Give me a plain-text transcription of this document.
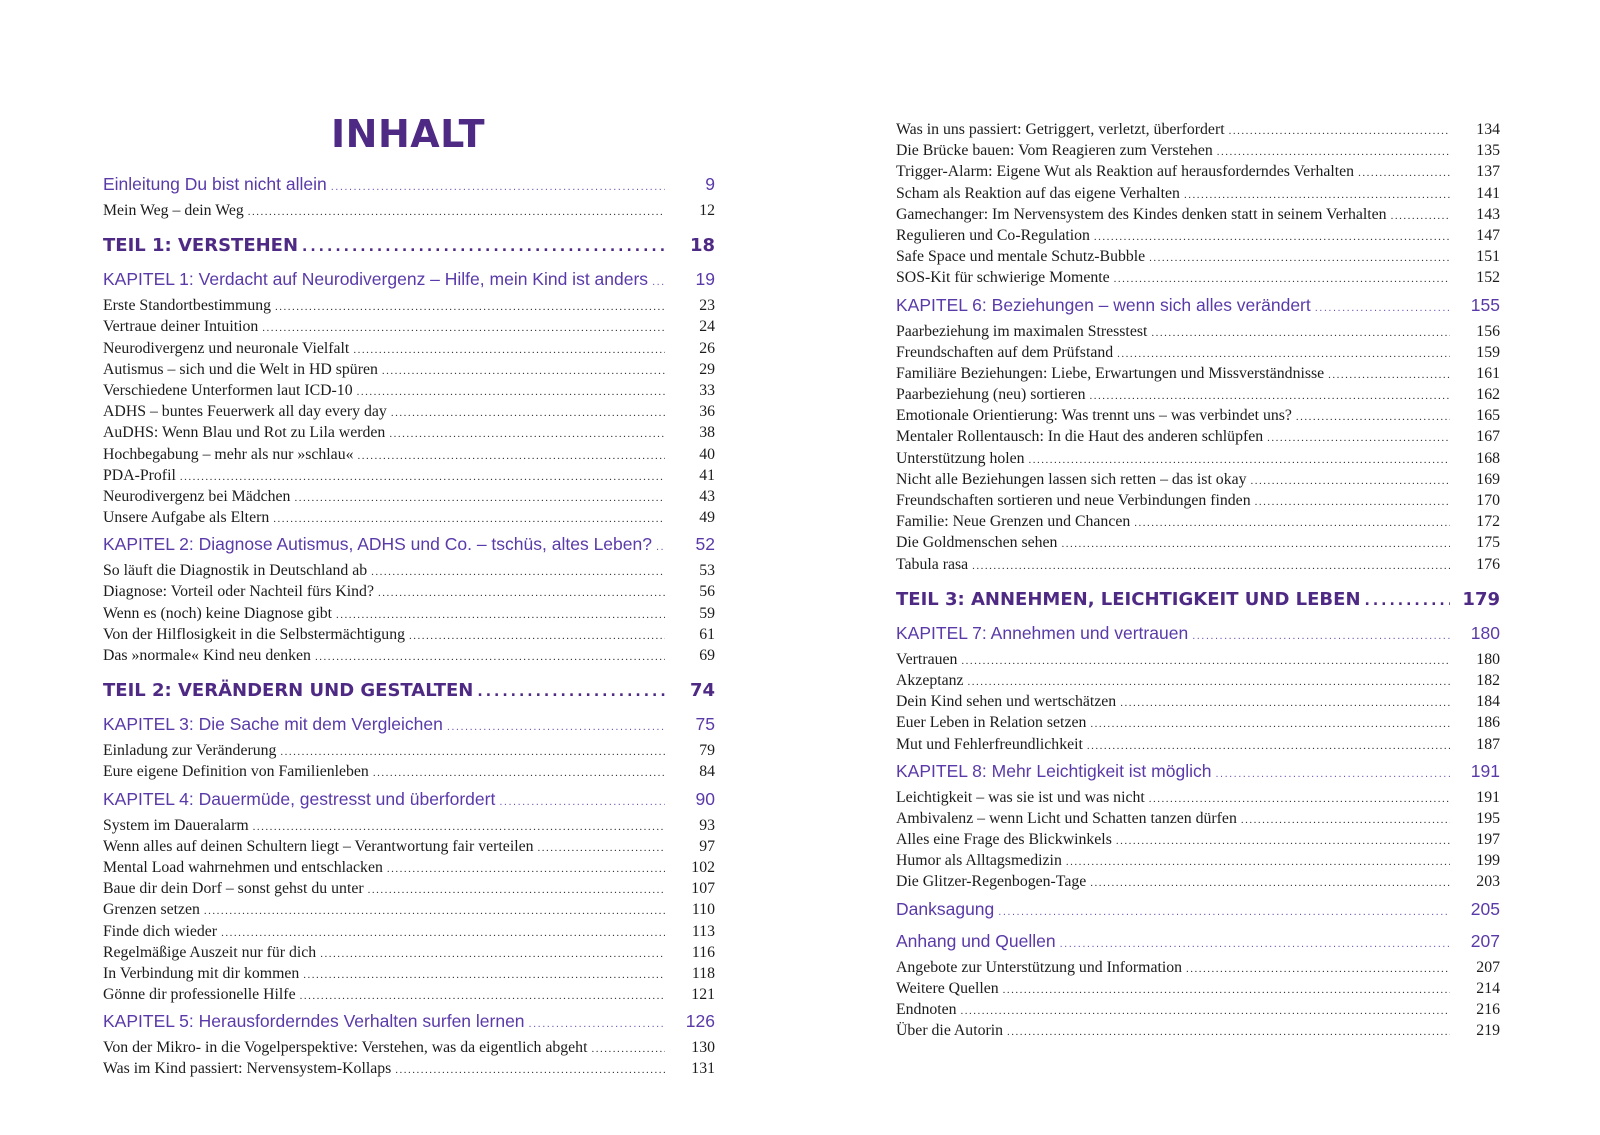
INHALT
Einleitung Du bist nicht allein .....	9
Mein Weg – dein Weg .....	12
TEIL 1: VERSTEHEN .....	18
KAPITEL 1: Verdacht auf Neurodivergenz – Hilfe, mein Kind ist anders .....	19
Erste Standortbestimmung .....	23
Vertraue deiner Intuition .....	24
Neurodivergenz und neuronale Vielfalt .....	26
Autismus – sich und die Welt in HD spüren .....	29
Verschiedene Unterformen laut ICD-10 .....	33
ADHS – buntes Feuerwerk all day every day .....	36
AuDHS: Wenn Blau und Rot zu Lila werden .....	38
Hochbegabung – mehr als nur »schlau« .....	40
PDA-Profil .....	41
Neurodivergenz bei Mädchen .....	43
Unsere Aufgabe als Eltern .....	49
KAPITEL 2: Diagnose Autismus, ADHS und Co. – tschüs, altes Leben? .....	52
So läuft die Diagnostik in Deutschland ab .....	53
Diagnose: Vorteil oder Nachteil fürs Kind? .....	56
Wenn es (noch) keine Diagnose gibt .....	59
Von der Hilflosigkeit in die Selbstermächtigung .....	61
Das »normale« Kind neu denken .....	69
TEIL 2: VERÄNDERN UND GESTALTEN .....	74
KAPITEL 3: Die Sache mit dem Vergleichen .....	75
Einladung zur Veränderung .....	79
Eure eigene Definition von Familienleben .....	84
KAPITEL 4: Dauermüde, gestresst und überfordert .....	90
System im Daueralarm .....	93
Wenn alles auf deinen Schultern liegt – Verantwortung fair verteilen .....	97
Mental Load wahrnehmen und entschlacken .....	102
Baue dir dein Dorf – sonst gehst du unter .....	107
Grenzen setzen .....	110
Finde dich wieder .....	113
Regelmäßige Auszeit nur für dich .....	116
In Verbindung mit dir kommen .....	118
Gönne dir professionelle Hilfe .....	121
KAPITEL 5: Herausforderndes Verhalten surfen lernen .....	126
Von der Mikro- in die Vogelperspektive: Verstehen, was da eigentlich abgeht .....	130
Was im Kind passiert: Nervensystem-Kollaps .....	131
Was in uns passiert: Getriggert, verletzt, überfordert .....	134
Die Brücke bauen: Vom Reagieren zum Verstehen .....	135
Trigger-Alarm: Eigene Wut als Reaktion auf herausforderndes Verhalten .....	137
Scham als Reaktion auf das eigene Verhalten .....	141
Gamechanger: Im Nervensystem des Kindes denken statt in seinem Verhalten .....	143
Regulieren und Co-Regulation .....	147
Safe Space und mentale Schutz-Bubble .....	151
SOS-Kit für schwierige Momente .....	152
KAPITEL 6: Beziehungen – wenn sich alles verändert .....	155
Paarbeziehung im maximalen Stresstest .....	156
Freundschaften auf dem Prüfstand .....	159
Familiäre Beziehungen: Liebe, Erwartungen und Missverständnisse .....	161
Paarbeziehung (neu) sortieren .....	162
Emotionale Orientierung: Was trennt uns – was verbindet uns? .....	165
Mentaler Rollentausch: In die Haut des anderen schlüpfen .....	167
Unterstützung holen .....	168
Nicht alle Beziehungen lassen sich retten – das ist okay .....	169
Freundschaften sortieren und neue Verbindungen finden .....	170
Familie: Neue Grenzen und Chancen .....	172
Die Goldmenschen sehen .....	175
Tabula rasa .....	176
TEIL 3: ANNEHMEN, LEICHTIGKEIT UND LEBEN .....	179
KAPITEL 7: Annehmen und vertrauen .....	180
Vertrauen .....	180
Akzeptanz .....	182
Dein Kind sehen und wertschätzen .....	184
Euer Leben in Relation setzen .....	186
Mut und Fehlerfreundlichkeit .....	187
KAPITEL 8: Mehr Leichtigkeit ist möglich .....	191
Leichtigkeit – was sie ist und was nicht .....	191
Ambivalenz – wenn Licht und Schatten tanzen dürfen .....	195
Alles eine Frage des Blickwinkels .....	197
Humor als Alltagsmedizin .....	199
Die Glitzer-Regenbogen-Tage .....	203
Danksagung .....	205
Anhang und Quellen .....	207
Angebote zur Unterstützung und Information .....	207
Weitere Quellen .....	214
Endnoten .....	216
Über die Autorin .....	219
